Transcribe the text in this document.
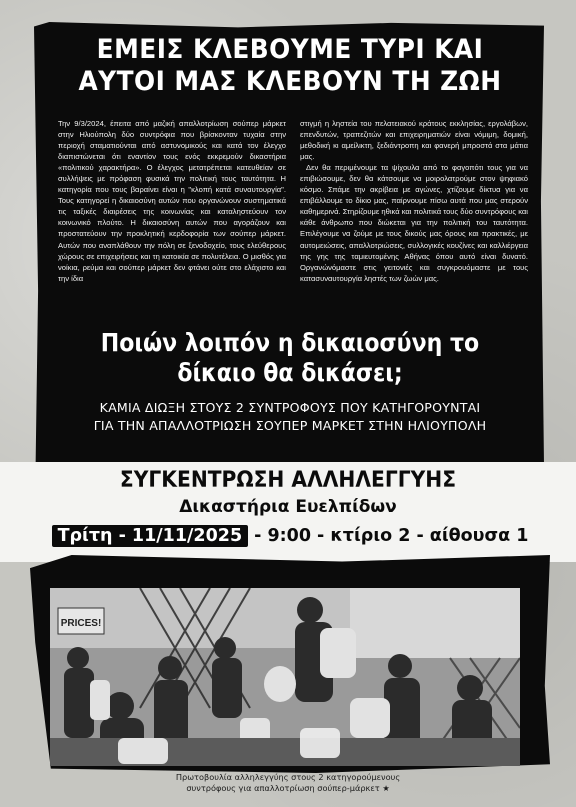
ΕΜΕΙΣ ΚΛΕΒΟΥΜΕ ΤΥΡΙ ΚΑΙ
ΑΥΤΟΙ ΜΑΣ ΚΛΕΒΟΥΝ ΤΗ ΖΩΗ

Την 9/3/2024, έπειτα από μαζική απαλλοτρίωση σούπερ μάρκετ στην Ηλιούπολη δύο συντρόφια που βρίσκονταν τυχαία στην περιοχή σταματιούνται από αστυνομικούς και κατά τον έλεγχο διαπιστώνεται ότι εναντίον τους ενός εκκρεμούν δικαστήρια «πολιτικού χαρακτήρα». Ο έλεγχος μετατρέπεται κατευθείαν σε συλλήψεις με πρόφαση φυσικά την πολιτική τους ταυτότητα. Η κατηγορία που τους βαραίνει είναι η "κλοπή κατά συναυτουργία". Τους κατηγορεί η δικαιοσύνη αυτών που οργανώνουν συστηματικά τις ταξικές διαιρέσεις της κοινωνίας και καταληστεύουν τον κοινωνικό πλούτο. Η δικαιοσύνη αυτών που αγοράζουν και προστατεύουν την προκλητική κερδοφορία των σούπερ μάρκετ. Αυτών που αναπλάθουν την πόλη σε ξενοδοχείο, τους ελεύθερους χώρους σε επιχειρήσεις και τη κατοικία σε πολυτέλεια. Ο μισθός για νοίκια, ρεύμα και σούπερ μάρκετ δεν φτάνει ούτε στο ελάχιστο και την ίδια

στιγμή η ληστεία του πελατειακού κράτους εκκλησίας, εργολάβων, επενδυτών, τραπεζιτών και επιχειρηματιών είναι νόμιμη, δομική, μεθοδική κι αμείλικτη, ξεδιάντροπη και φανερή μπροστά στα μάτια μας.

Δεν θα περιμένουμε τα ψίχουλα από το φαγοπότι τους για να επιβιώσουμε, δεν θα κάτσουμε να μοιρολατρούμε στον ψηφιακό κόσμο. Σπάμε την ακρίβεια με αγώνες, χτίζουμε δίκτυα για να επιβάλλουμε το δίκιο μας, παίρνουμε πίσω αυτά που μας στερούν καθημερινά. Στηρίζουμε ηθικά και πολιτικά τους δύο συντρόφους και κάθε άνθρωπο που διώκεται για την πολιτική του ταυτότητα. Επιλέγουμε να ζούμε με τους δικούς μας όρους και πρακτικές, με αυτομειώσεις, απαλλοτριώσεις, συλλογικές κουζίνες και καλλιέργεια της γης της ταμιευτομένης Αθήνας όπου αυτό είναι δυνατό. Οργανώνόμαστε στις γειτονιές και συγκρουόμαστε με τους κατασυναυτουργία ληστές των ζωών μας.

Ποιών λοιπόν η δικαιοσύνη το
δίκαιο θα δικάσει;
ΚΑΜΙΑ ΔΙΩΞΗ ΣΤΟΥΣ 2 ΣΥΝΤΡΟΦΟΥΣ ΠΟΥ ΚΑΤΗΓΟΡΟΥΝΤΑΙ
ΓΙΑ ΤΗΝ ΑΠΑΛΛΟΤΡΙΩΣΗ ΣΟΥΠΕΡ ΜΑΡΚΕΤ ΣΤΗΝ ΗΛΙΟΥΠΟΛΗ
ΣΥΓΚΕΝΤΡΩΣΗ ΑΛΛΗΛΕΓΓΥΗΣ
Δικαστήρια Ευελπίδων
Τρίτη - 11/11/2025 - 9:00 - κτίριο 2 - αίθουσα 1
PRICES!
Πρωτοβουλία αλληλεγγύης στους 2 κατηγορούμενους
συντρόφους για απαλλοτρίωση σούπερ-μάρκετ ★
